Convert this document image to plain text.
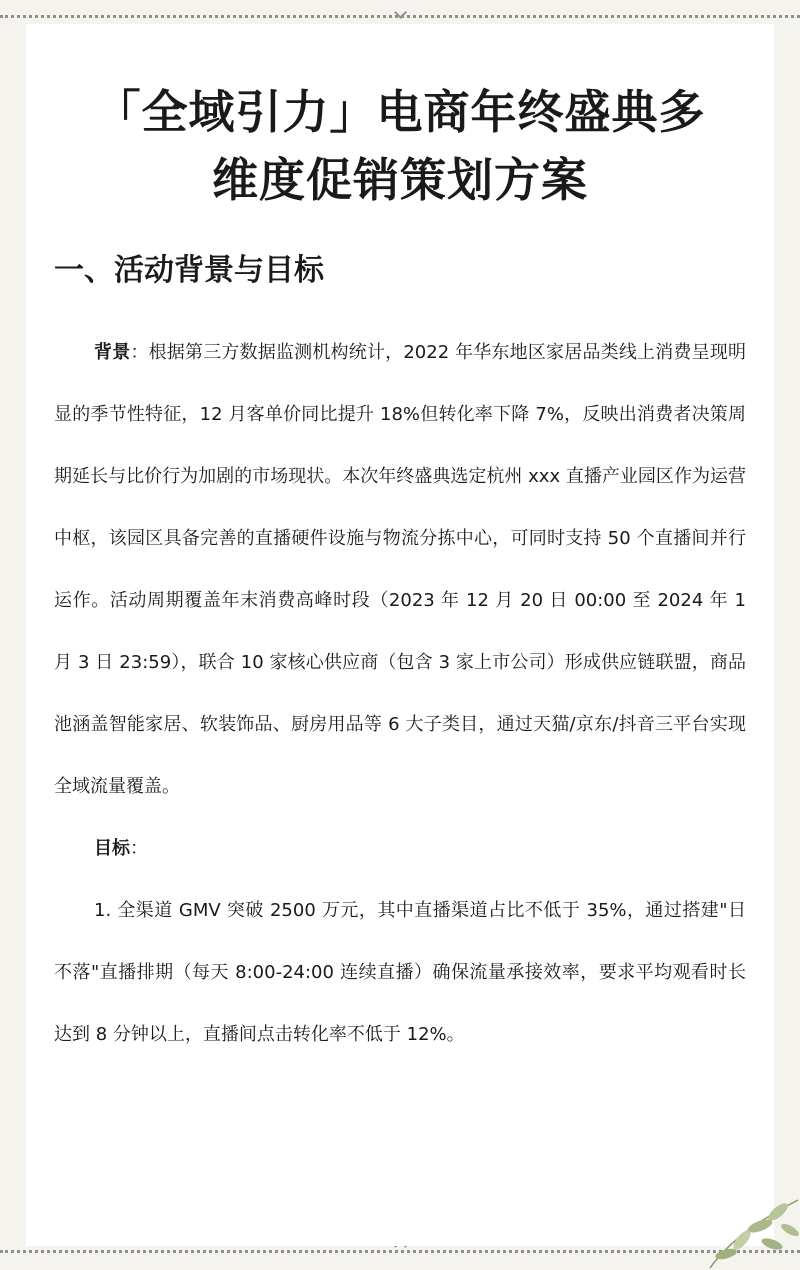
「全域引力」电商年终盛典多
维度促销策划方案
一、活动背景与目标

背景：根据第三方数据监测机构统计，2022 年华东地区家居品类线上消费呈现明显的季节性特征，12 月客单价同比提升 18%但转化率下降 7%，反映出消费者决策周期延长与比价行为加剧的市场现状。本次年终盛典选定杭州 xxx 直播产业园区作为运营中枢，该园区具备完善的直播硬件设施与物流分拣中心，可同时支持 50 个直播间并行运作。活动周期覆盖年末消费高峰时段（2023 年 12 月 20 日 00:00 至 2024 年 1 月 3 日 23:59），联合 10 家核心供应商（包含 3 家上市公司）形成供应链联盟，商品池涵盖智能家居、软装饰品、厨房用品等 6 大子类目，通过天猫/京东/抖音三平台实现全域流量覆盖。

目标：

1. 全渠道 GMV 突破 2500 万元，其中直播渠道占比不低于 35%，通过搭建"日不落"直播排期（每天 8:00-24:00 连续直播）确保流量承接效率，要求平均观看时长达到 8 分钟以上，直播间点击转化率不低于 12%。
